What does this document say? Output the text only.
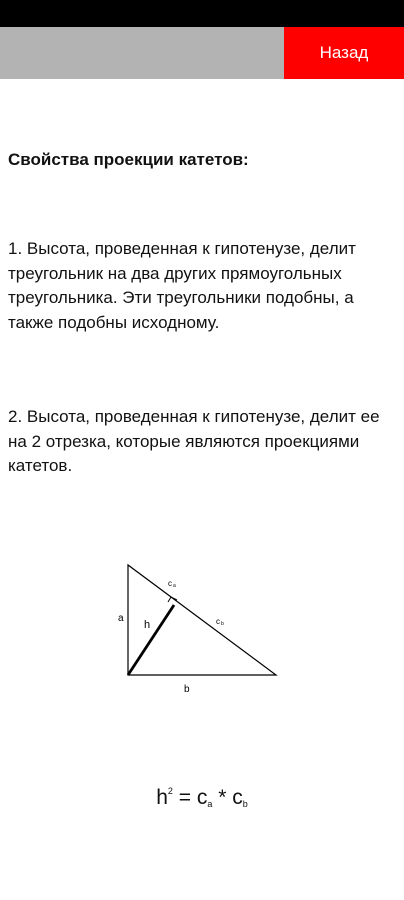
Назад

Свойства проекции катетов:

1. Высота, проведенная к гипотенузе, делит треугольник на два других прямоугольных треугольника. Эти треугольники подобны, а также подобны исходному.

2. Высота, проведенная к гипотенузе, делит ее на 2 отрезка, которые являются проекциями катетов.

a
h
b
c a
c b
$h^2 = c_a * c_b$
